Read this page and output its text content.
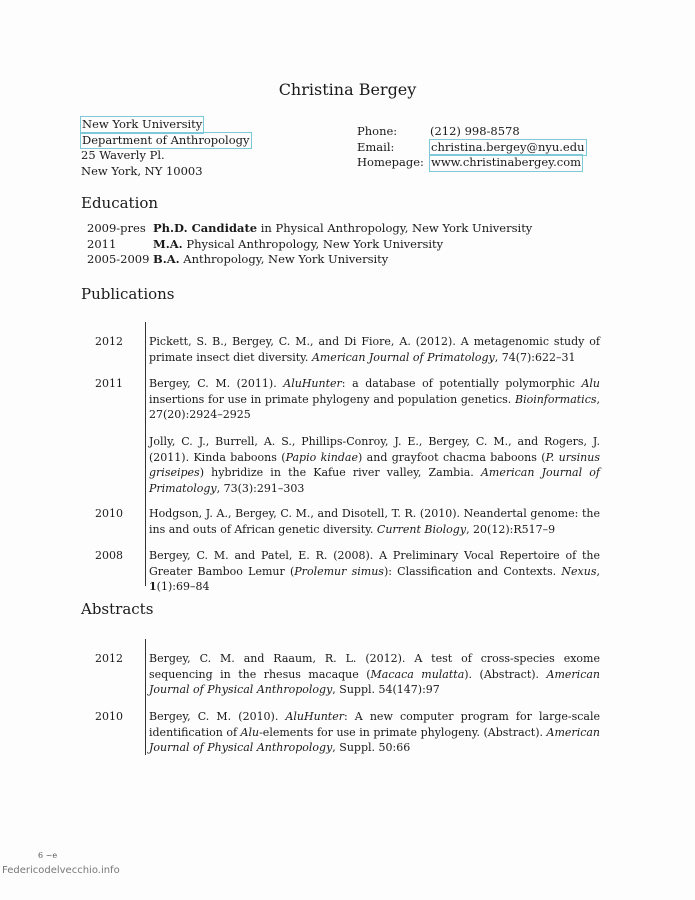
Christina Bergey
New York University
Department of Anthropology
25 Waverly Pl.
New York, NY 10003
Phone:	(212) 998-8578
Email:	christina.bergey@nyu.edu
Homepage: www.christinabergey.com
Education
2009-pres Ph.D. Candidate in Physical Anthropology, New York University
2011	M.A. Physical Anthropology, New York University
2005-2009 B.A. Anthropology, New York University
Publications
2012 Pickett, S. B., Bergey, C. M., and Di Fiore, A. (2012). A metagenomic study of primate insect diet diversity. American Journal of Primatology, 74(7):622–31
2011 Bergey, C. M. (2011). AluHunter: a database of potentially polymorphic Alu insertions for use in primate phylogeny and population genetics. Bioinformatics, 27(20):2924–2925
Jolly, C. J., Burrell, A. S., Phillips-Conroy, J. E., Bergey, C. M., and Rogers, J. (2011). Kinda baboons (Papio kindae) and grayfoot chacma baboons (P. ursinus griseipes) hybridize in the Kafue river valley, Zambia. American Journal of Primatology, 73(3):291–303
2010 Hodgson, J. A., Bergey, C. M., and Disotell, T. R. (2010). Neandertal genome: the ins and outs of African genetic diversity. Current Biology, 20(12):R517–9
2008 Bergey, C. M. and Patel, E. R. (2008). A Preliminary Vocal Repertoire of the Greater Bamboo Lemur (Prolemur simus): Classification and Contexts. Nexus, 1(1):69–84
Abstracts
2012 Bergey, C. M. and Raaum, R. L. (2012). A test of cross-species exome sequencing in the rhesus macaque (Macaca mulatta). (Abstract). American Journal of Physical Anthropology, Suppl. 54(147):97
2010 Bergey, C. M. (2010). AluHunter: A new computer program for large-scale identification of Alu-elements for use in primate phylogeny. (Abstract). American Journal of Physical Anthropology, Suppl. 50:66
6 ~e
Federicodelvecchio.info
